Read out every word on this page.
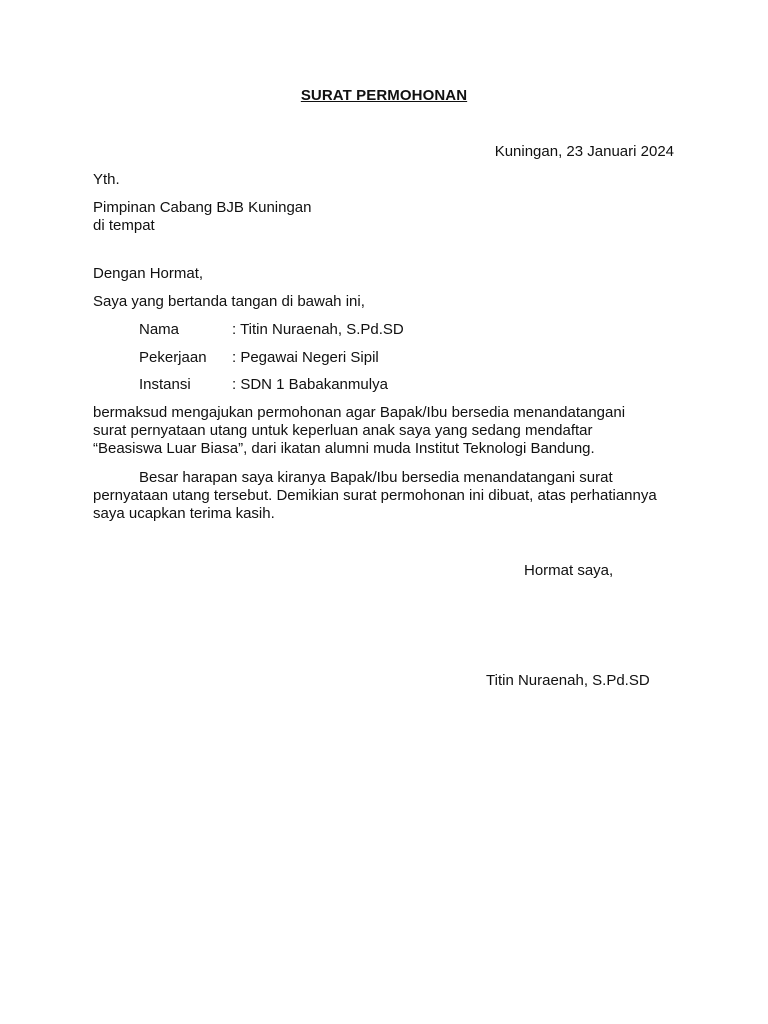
SURAT PERMOHONAN
Kuningan, 23 Januari 2024
Yth.
Pimpinan Cabang BJB Kuningan
di tempat
Dengan Hormat,
Saya yang bertanda tangan di bawah ini,
Nama	: Titin Nuraenah, S.Pd.SD
Pekerjaan	: Pegawai Negeri Sipil
Instansi	: SDN 1 Babakanmulya
bermaksud mengajukan permohonan agar Bapak/Ibu bersedia menandatangani
surat pernyataan utang untuk keperluan anak saya yang sedang mendaftar
“Beasiswa Luar Biasa”, dari ikatan alumni muda Institut Teknologi Bandung.
Besar harapan saya kiranya Bapak/Ibu bersedia menandatangani surat
pernyataan utang tersebut. Demikian surat permohonan ini dibuat, atas perhatiannya
saya ucapkan terima kasih.
Hormat saya,
Titin Nuraenah, S.Pd.SD
